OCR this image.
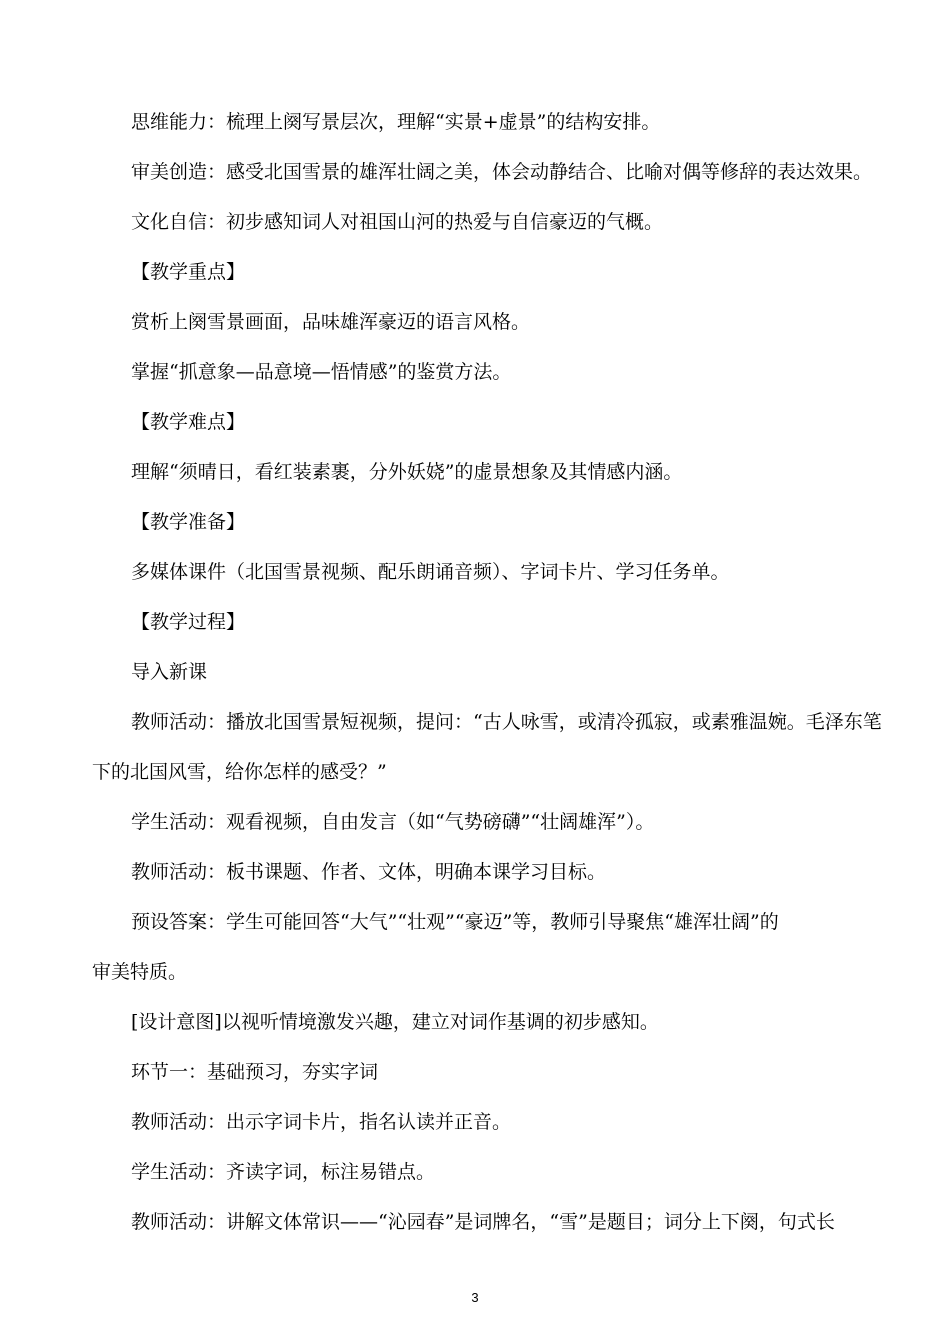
思维能力：梳理上阕写景层次，理解“实景+虚景”的结构安排。
审美创造：感受北国雪景的雄浑壮阔之美，体会动静结合、比喻对偶等修辞的表达效果。
文化自信：初步感知词人对祖国山河的热爱与自信豪迈的气概。
【教学重点】
赏析上阕雪景画面，品味雄浑豪迈的语言风格。
掌握“抓意象—品意境—悟情感”的鉴赏方法。
【教学难点】
理解“须晴日，看红装素裹，分外妖娆”的虚景想象及其情感内涵。
【教学准备】
多媒体课件（北国雪景视频、配乐朗诵音频）、字词卡片、学习任务单。
【教学过程】
导入新课
教师活动：播放北国雪景短视频，提问：“古人咏雪，或清冷孤寂，或素雅温婉。毛泽东笔
下的北国风雪，给你怎样的感受？”
学生活动：观看视频，自由发言（如“气势磅礴”“壮阔雄浑”）。
教师活动：板书课题、作者、文体，明确本课学习目标。
预设答案：学生可能回答“大气”“壮观”“豪迈”等，教师引导聚焦“雄浑壮阔”的
审美特质。
[设计意图]以视听情境激发兴趣，建立对词作基调的初步感知。
环节一：基础预习，夯实字词
教师活动：出示字词卡片，指名认读并正音。
学生活动：齐读字词，标注易错点。
教师活动：讲解文体常识——“沁园春”是词牌名，“雪”是题目；词分上下阕，句式长
3
